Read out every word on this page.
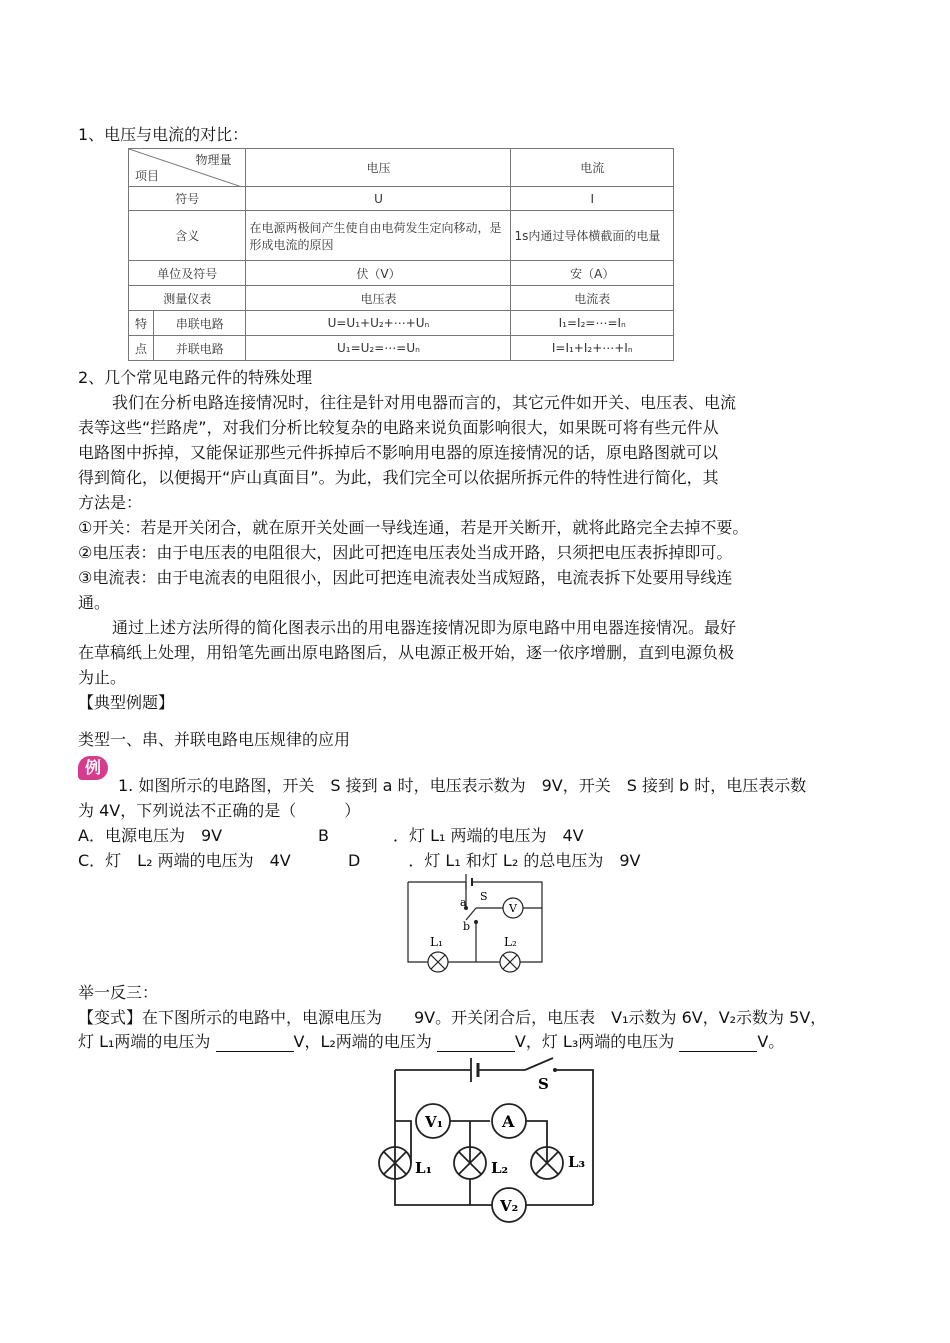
1、电压与电流的对比：
物理量
项目		电压	电流
符号		U	I
含义		在电源两极间产生使自由电荷发生定向移动，是形成电流的原因	1s内通过导体横截面的电量
单位及符号		伏（V）	安（A）
测量仪表		电压表	电流表
特	串联电路	U=U₁+U₂+⋯+Uₙ	I₁=I₂=⋯=Iₙ
点	并联电路	U₁=U₂=⋯=Uₙ	I=I₁+I₂+⋯+Iₙ
2、几个常见电路元件的特殊处理
我们在分析电路连接情况时，往往是针对用电器而言的，其它元件如开关、电压表、电流
表等这些“拦路虎”，对我们分析比较复杂的电路来说负面影响很大，如果既可将有些元件从
电路图中拆掉，又能保证那些元件拆掉后不影响用电器的原连接情况的话，原电路图就可以
得到简化，以便揭开“庐山真面目”。为此，我们完全可以依据所拆元件的特性进行简化，其
方法是：
①开关：若是开关闭合，就在原开关处画一导线连通，若是开关断开，就将此路完全去掉不要。
②电压表：由于电压表的电阻很大，因此可把连电压表处当成开路，只须把电压表拆掉即可。
③电流表：由于电流表的电阻很小，因此可把连电流表处当成短路，电流表拆下处要用导线连
通。
通过上述方法所得的简化图表示出的用电器连接情况即为原电路中用电器连接情况。最好
在草稿纸上处理，用铅笔先画出原电路图后，从电源正极开始，逐一依序增删，直到电源负极
为止。
【典型例题】
类型一、串、并联电路电压规律的应用
例
1. 如图所示的电路图，开关　S 接到 a 时，电压表示数为　9V，开关　S 接到 b 时，电压表示数
为 4V，下列说法不正确的是（　　　）
A．电源电压为　9V	B　　　　．灯 L₁ 两端的电压为　4V
C．灯　L₂ 两端的电压为　4V	D　　　．灯 L₁ 和灯 L₂ 的总电压为　9V
a S
b
V
L₁	L₂
举一反三：
【变式】在下图所示的电路中，电源电压为　　9V。开关闭合后，电压表　V₁示数为 6V，V₂示数为 5V，
灯 L₁两端的电压为	V，L₂两端的电压为	V，灯 L₃两端的电压为	V。
S
V₁	A
L₁	L₂	L₃
V₂
